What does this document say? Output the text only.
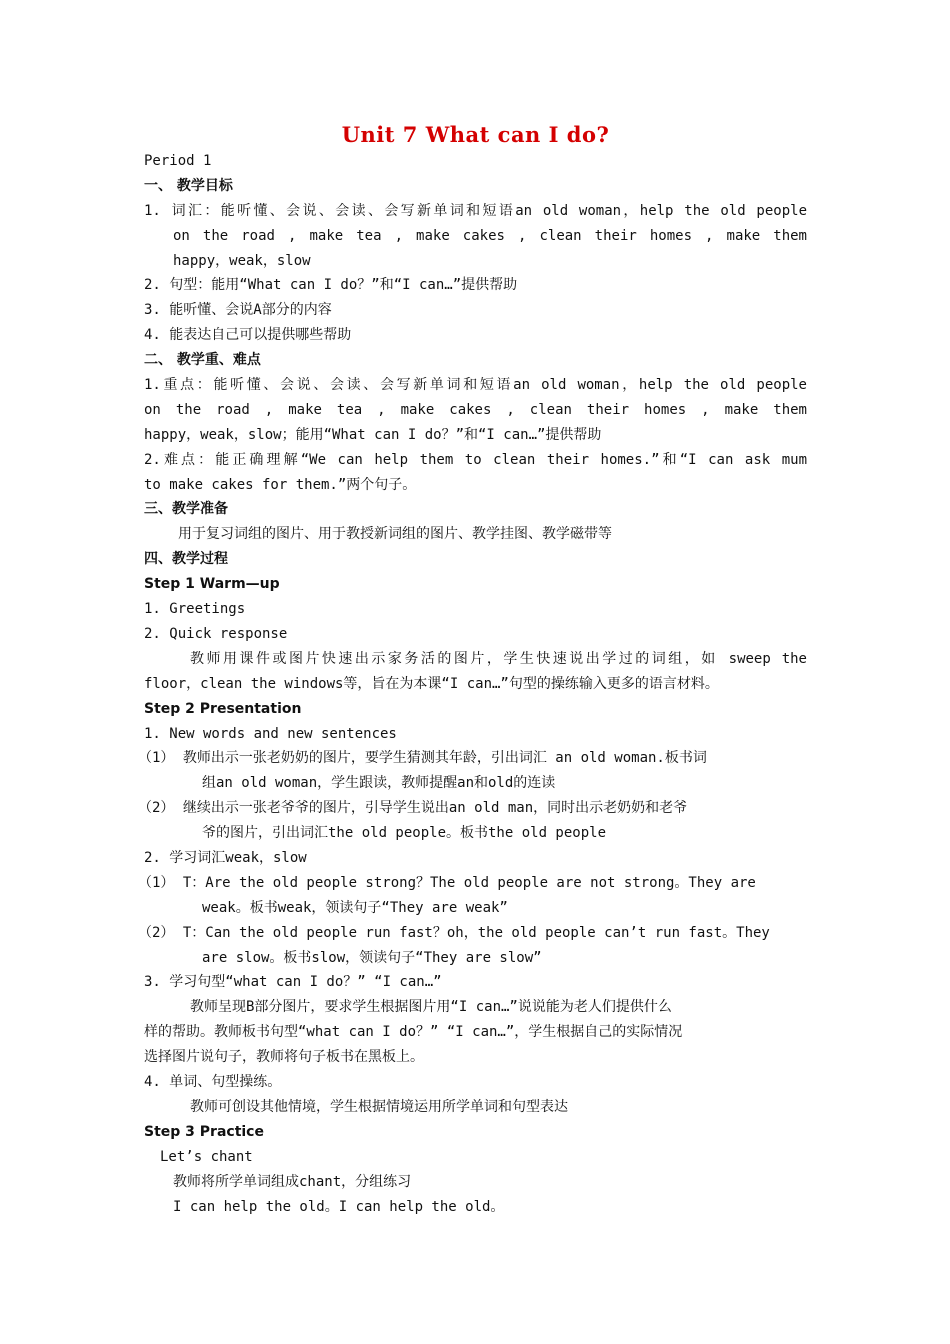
Unit 7 What can I do?
Period 1
一、 教学目标
1. 词汇：能听懂、会说、会读、会写新单词和短语an old woman，help the old people
on the road , make tea , make cakes , clean their homes , make them
happy，weak，slow
2. 句型：能用“What can I do？”和“I can…”提供帮助
3. 能听懂、会说A部分的内容
4. 能表达自己可以提供哪些帮助
二、 教学重、难点
1.重点：能听懂、会说、会读、会写新单词和短语an old woman，help the old people
on the road , make tea , make cakes , clean their homes , make them
happy，weak，slow；能用“What can I do？”和“I can…”提供帮助
2.难点：能正确理解“We can help them to clean their homes.”和“I can ask mum
to make cakes for them.”两个句子。
三、教学准备
用于复习词组的图片、用于教授新词组的图片、教学挂图、教学磁带等
四、教学过程
Step 1 Warm—up
1. Greetings
2. Quick response
教师用课件或图片快速出示家务活的图片，学生快速说出学过的词组，如 sweep the
floor，clean the windows等，旨在为本课“I can…”句型的操练输入更多的语言材料。
Step 2 Presentation
1. New words and new sentences
（1） 教师出示一张老奶奶的图片，要学生猜测其年龄，引出词汇 an old woman.板书词
组an old woman，学生跟读，教师提醒an和old的连读
（2） 继续出示一张老爷爷的图片，引导学生说出an old man，同时出示老奶奶和老爷
爷的图片，引出词汇the old people。板书the old people
2. 学习词汇weak，slow
（1） T：Are the old people strong？The old people are not strong。They are
weak。板书weak，领读句子“They are weak”
（2） T：Can the old people run fast？oh，the old people can’t run fast。They
are slow。板书slow，领读句子“They are slow”
3. 学习句型“what can I do？” “I can…”
教师呈现B部分图片，要求学生根据图片用“I can…”说说能为老人们提供什么
样的帮助。教师板书句型“what can I do？” “I can…”，学生根据自己的实际情况
选择图片说句子，教师将句子板书在黑板上。
4. 单词、句型操练。
教师可创设其他情境，学生根据情境运用所学单词和句型表达
Step 3 Practice
Let’s chant
教师将所学单词组成chant，分组练习
I can help the old。I can help the old。
